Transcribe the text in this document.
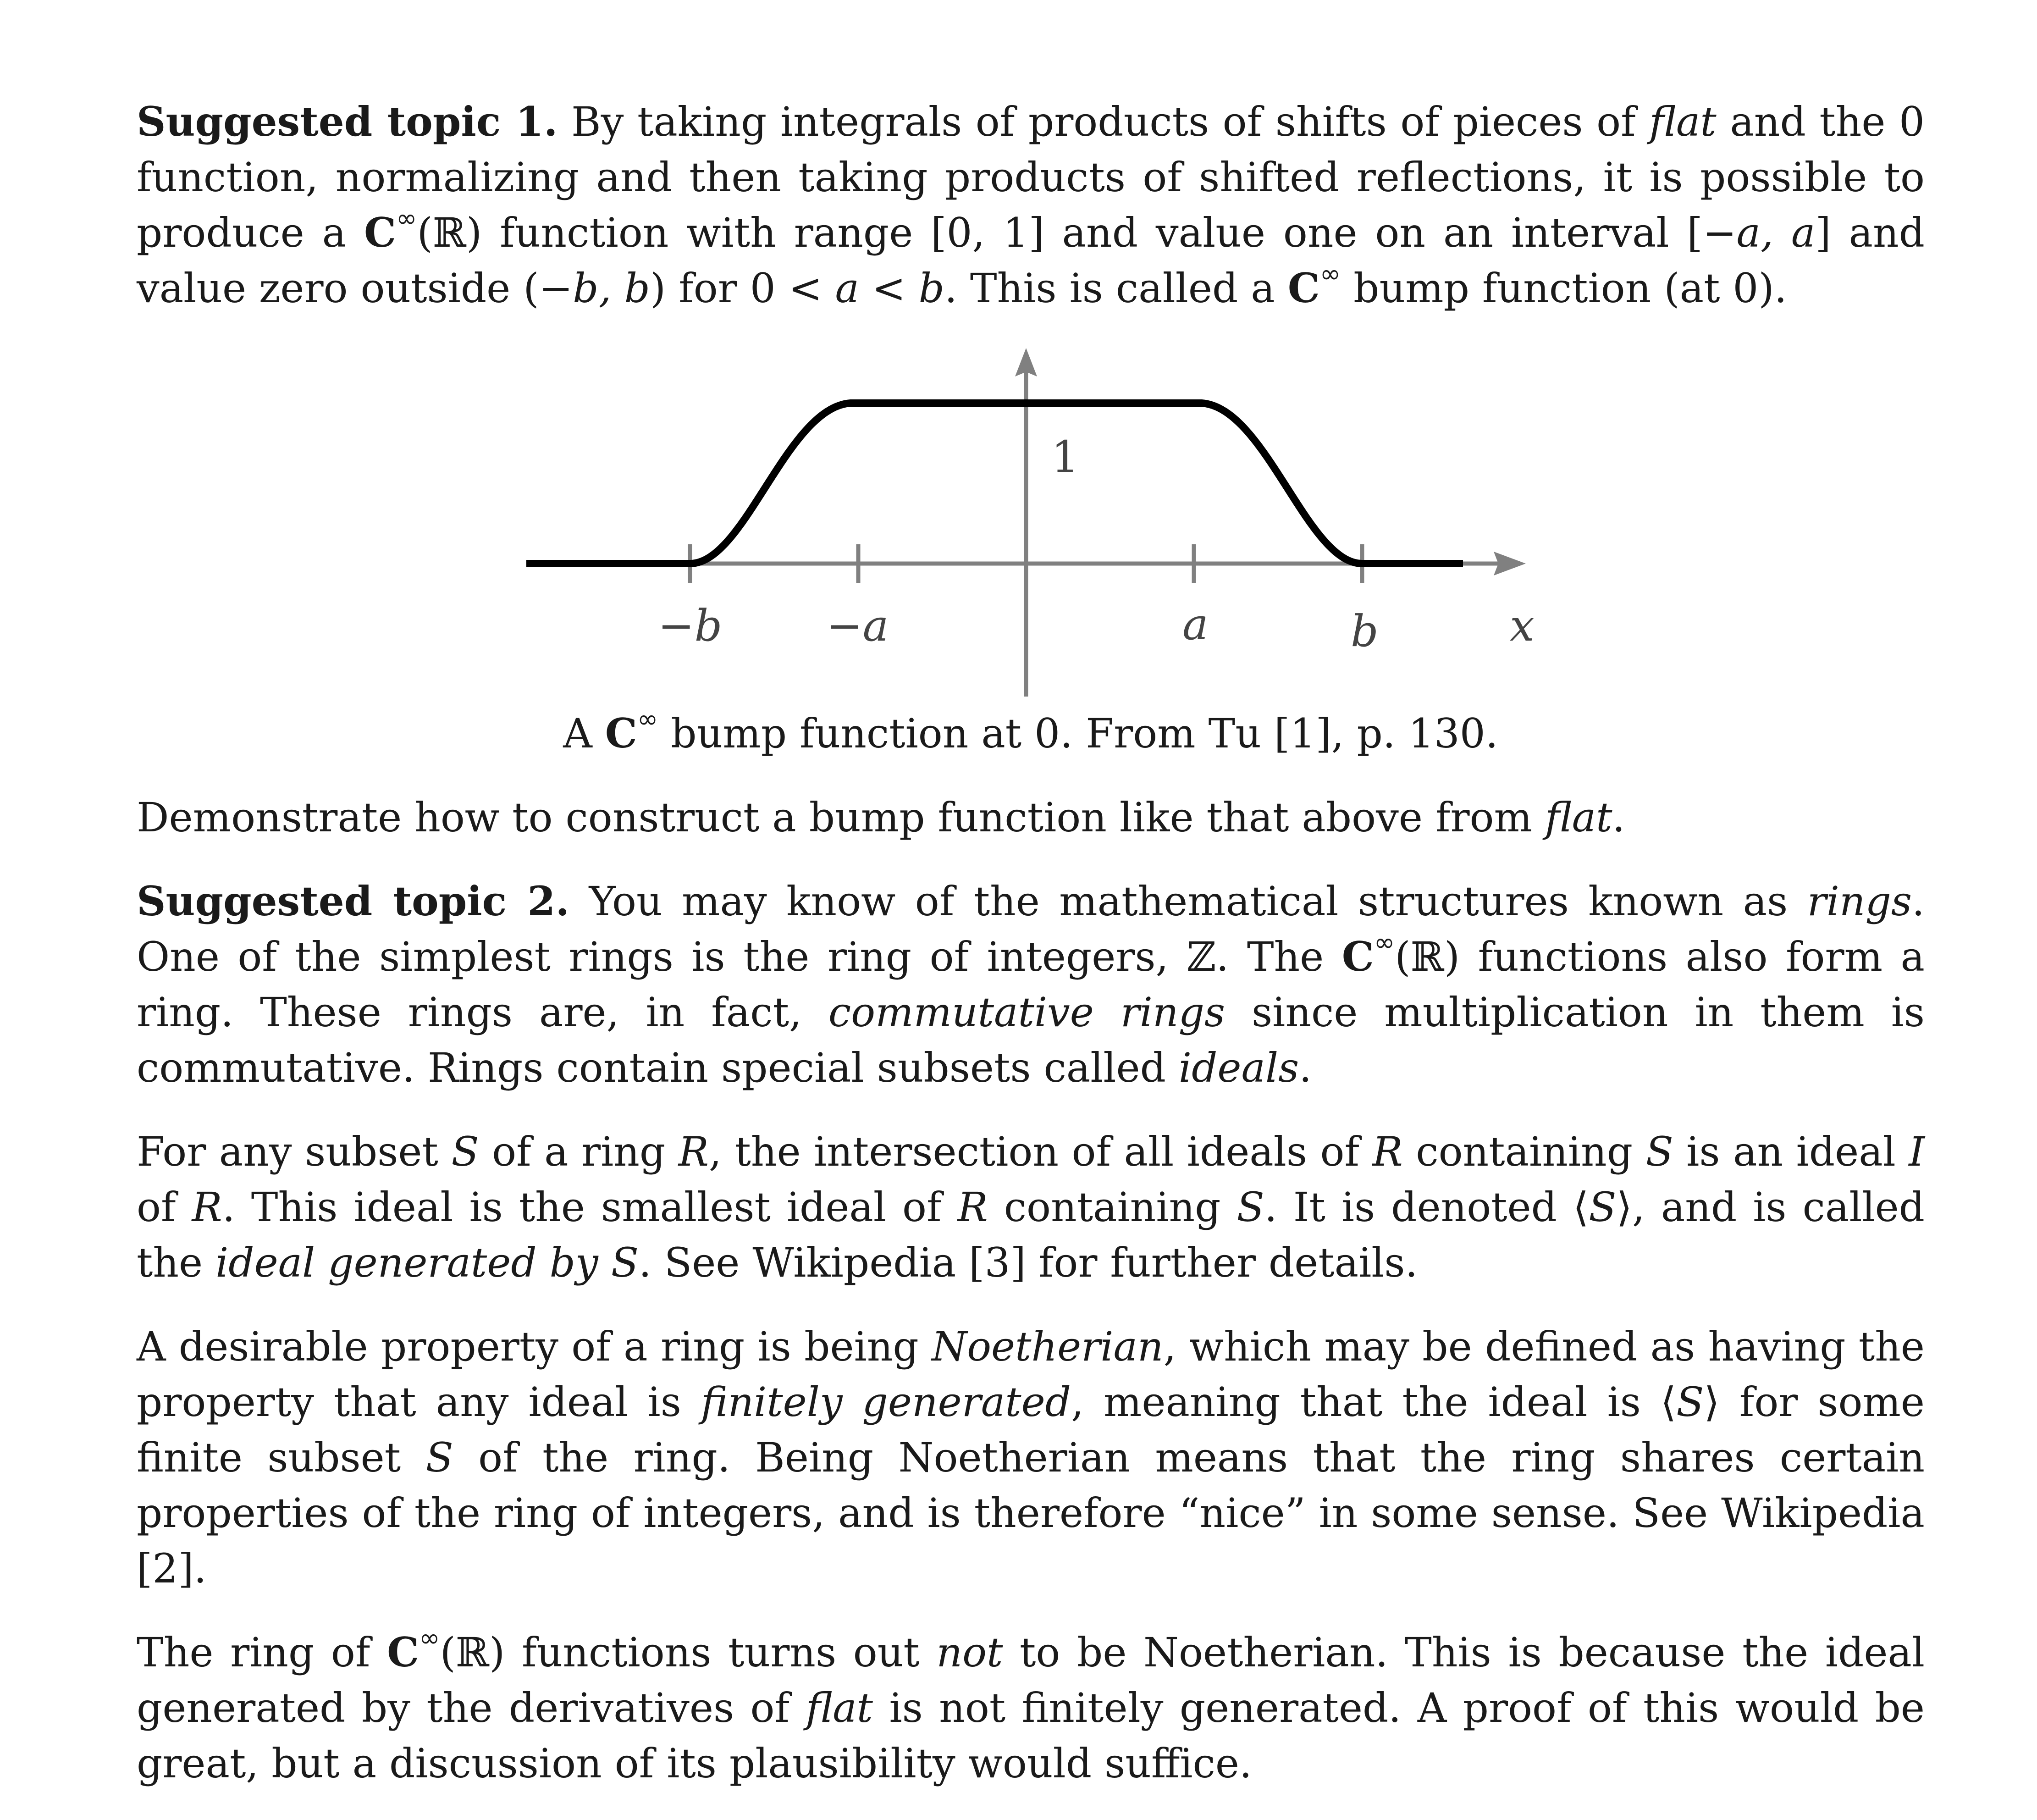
Suggested topic 1. By taking integrals of products of shifts of pieces of flat and the 0 function, normalizing and then taking products of shifted reflections, it is possible to produce a C∞(ℝ) function with range [0, 1] and value one on an interval [−a, a] and value zero outside (−b, b) for 0 < a < b. This is called a C∞ bump function (at 0).

−b −a	a	b	x
1

A C∞ bump function at 0. From Tu [1], p. 130.

Demonstrate how to construct a bump function like that above from flat.

Suggested topic 2. You may know of the mathematical structures known as rings. One of the simplest rings is the ring of integers, ℤ. The C∞(ℝ) functions also form a ring. These rings are, in fact, commutative rings since multiplication in them is commutative. Rings contain special subsets called ideals.

For any subset S of a ring R, the intersection of all ideals of R containing S is an ideal I of R. This ideal is the smallest ideal of R containing S. It is denoted ⟨S⟩, and is called the ideal generated by S. See Wikipedia [3] for further details.

A desirable property of a ring is being Noetherian, which may be defined as having the property that any ideal is finitely generated, meaning that the ideal is ⟨S⟩ for some finite subset S of the ring. Being Noetherian means that the ring shares certain properties of the ring of integers, and is therefore “nice” in some sense. See Wikipedia [2].

The ring of C∞(ℝ) functions turns out not to be Noetherian. This is because the ideal generated by the derivatives of flat is not finitely generated. A proof of this would be great, but a discussion of its plausibility would suffice.
